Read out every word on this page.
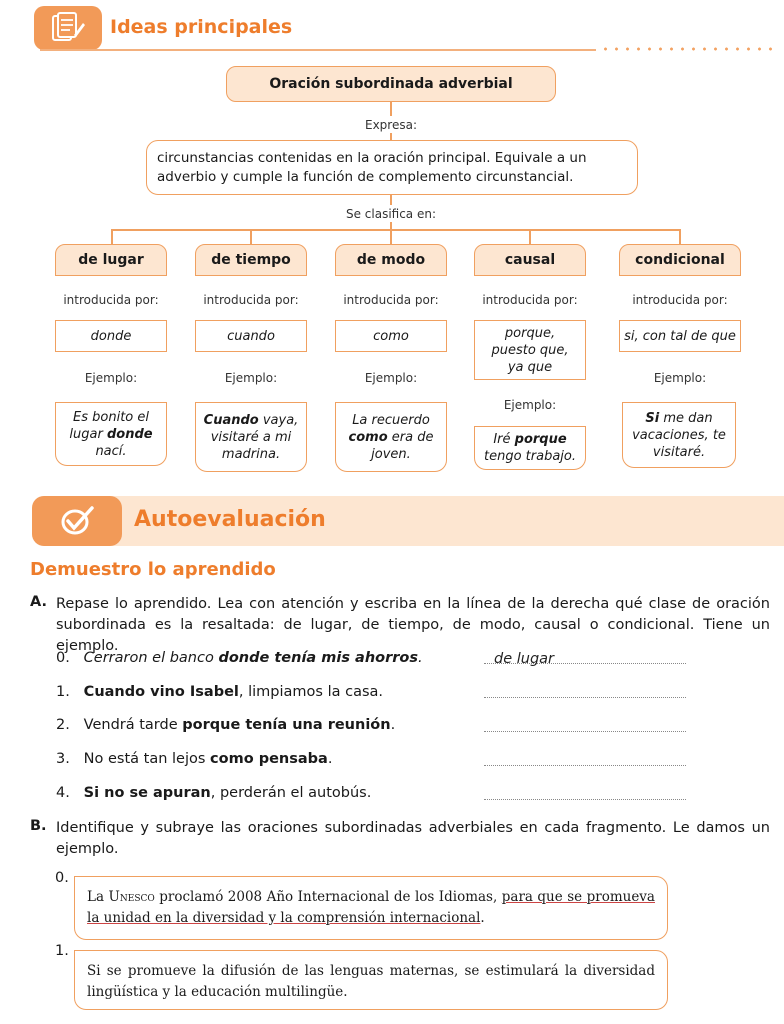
Ideas principales
Oración subordinada adverbial
Expresa:
circunstancias contenidas en la oración principal. Equivale a un adverbio y cumple la función de complemento circunstancial.
Se clasifica en:
de lugar
introducida por:
donde
Ejemplo:
Es bonito el lugar donde nací.
de tiempo
introducida por:
cuando
Ejemplo:
Cuando vaya, visitaré a mi madrina.
de modo
introducida por:
como
Ejemplo:
La recuerdo como era de joven.
causal
introducida por:
porque, puesto que, ya que
Ejemplo:
Iré porque tengo trabajo.
condicional
introducida por:
si, con tal de que
Ejemplo:
Si me dan vacaciones, te visitaré.
Autoevaluación
Demuestro lo aprendido
A. Repase lo aprendido. Lea con atención y escriba en la línea de la derecha qué clase de oración subordinada es la resaltada: de lugar, de tiempo, de modo, causal o condicional. Tiene un ejemplo.
0. Cerraron el banco donde tenía mis ahorros.	de lugar
1. Cuando vino Isabel, limpiamos la casa.
2. Vendrá tarde porque tenía una reunión.
3. No está tan lejos como pensaba.
4. Si no se apuran, perderán el autobús.
B. Identifique y subraye las oraciones subordinadas adverbiales en cada fragmento. Le damos un ejemplo.
0.
La Unesco proclamó 2008 Año Internacional de los Idiomas, para que se promueva la unidad en la diversidad y la comprensión internacional.
1.
Si se promueve la difusión de las lenguas maternas, se estimulará la diversidad lingüística y la educación multilingüe.
